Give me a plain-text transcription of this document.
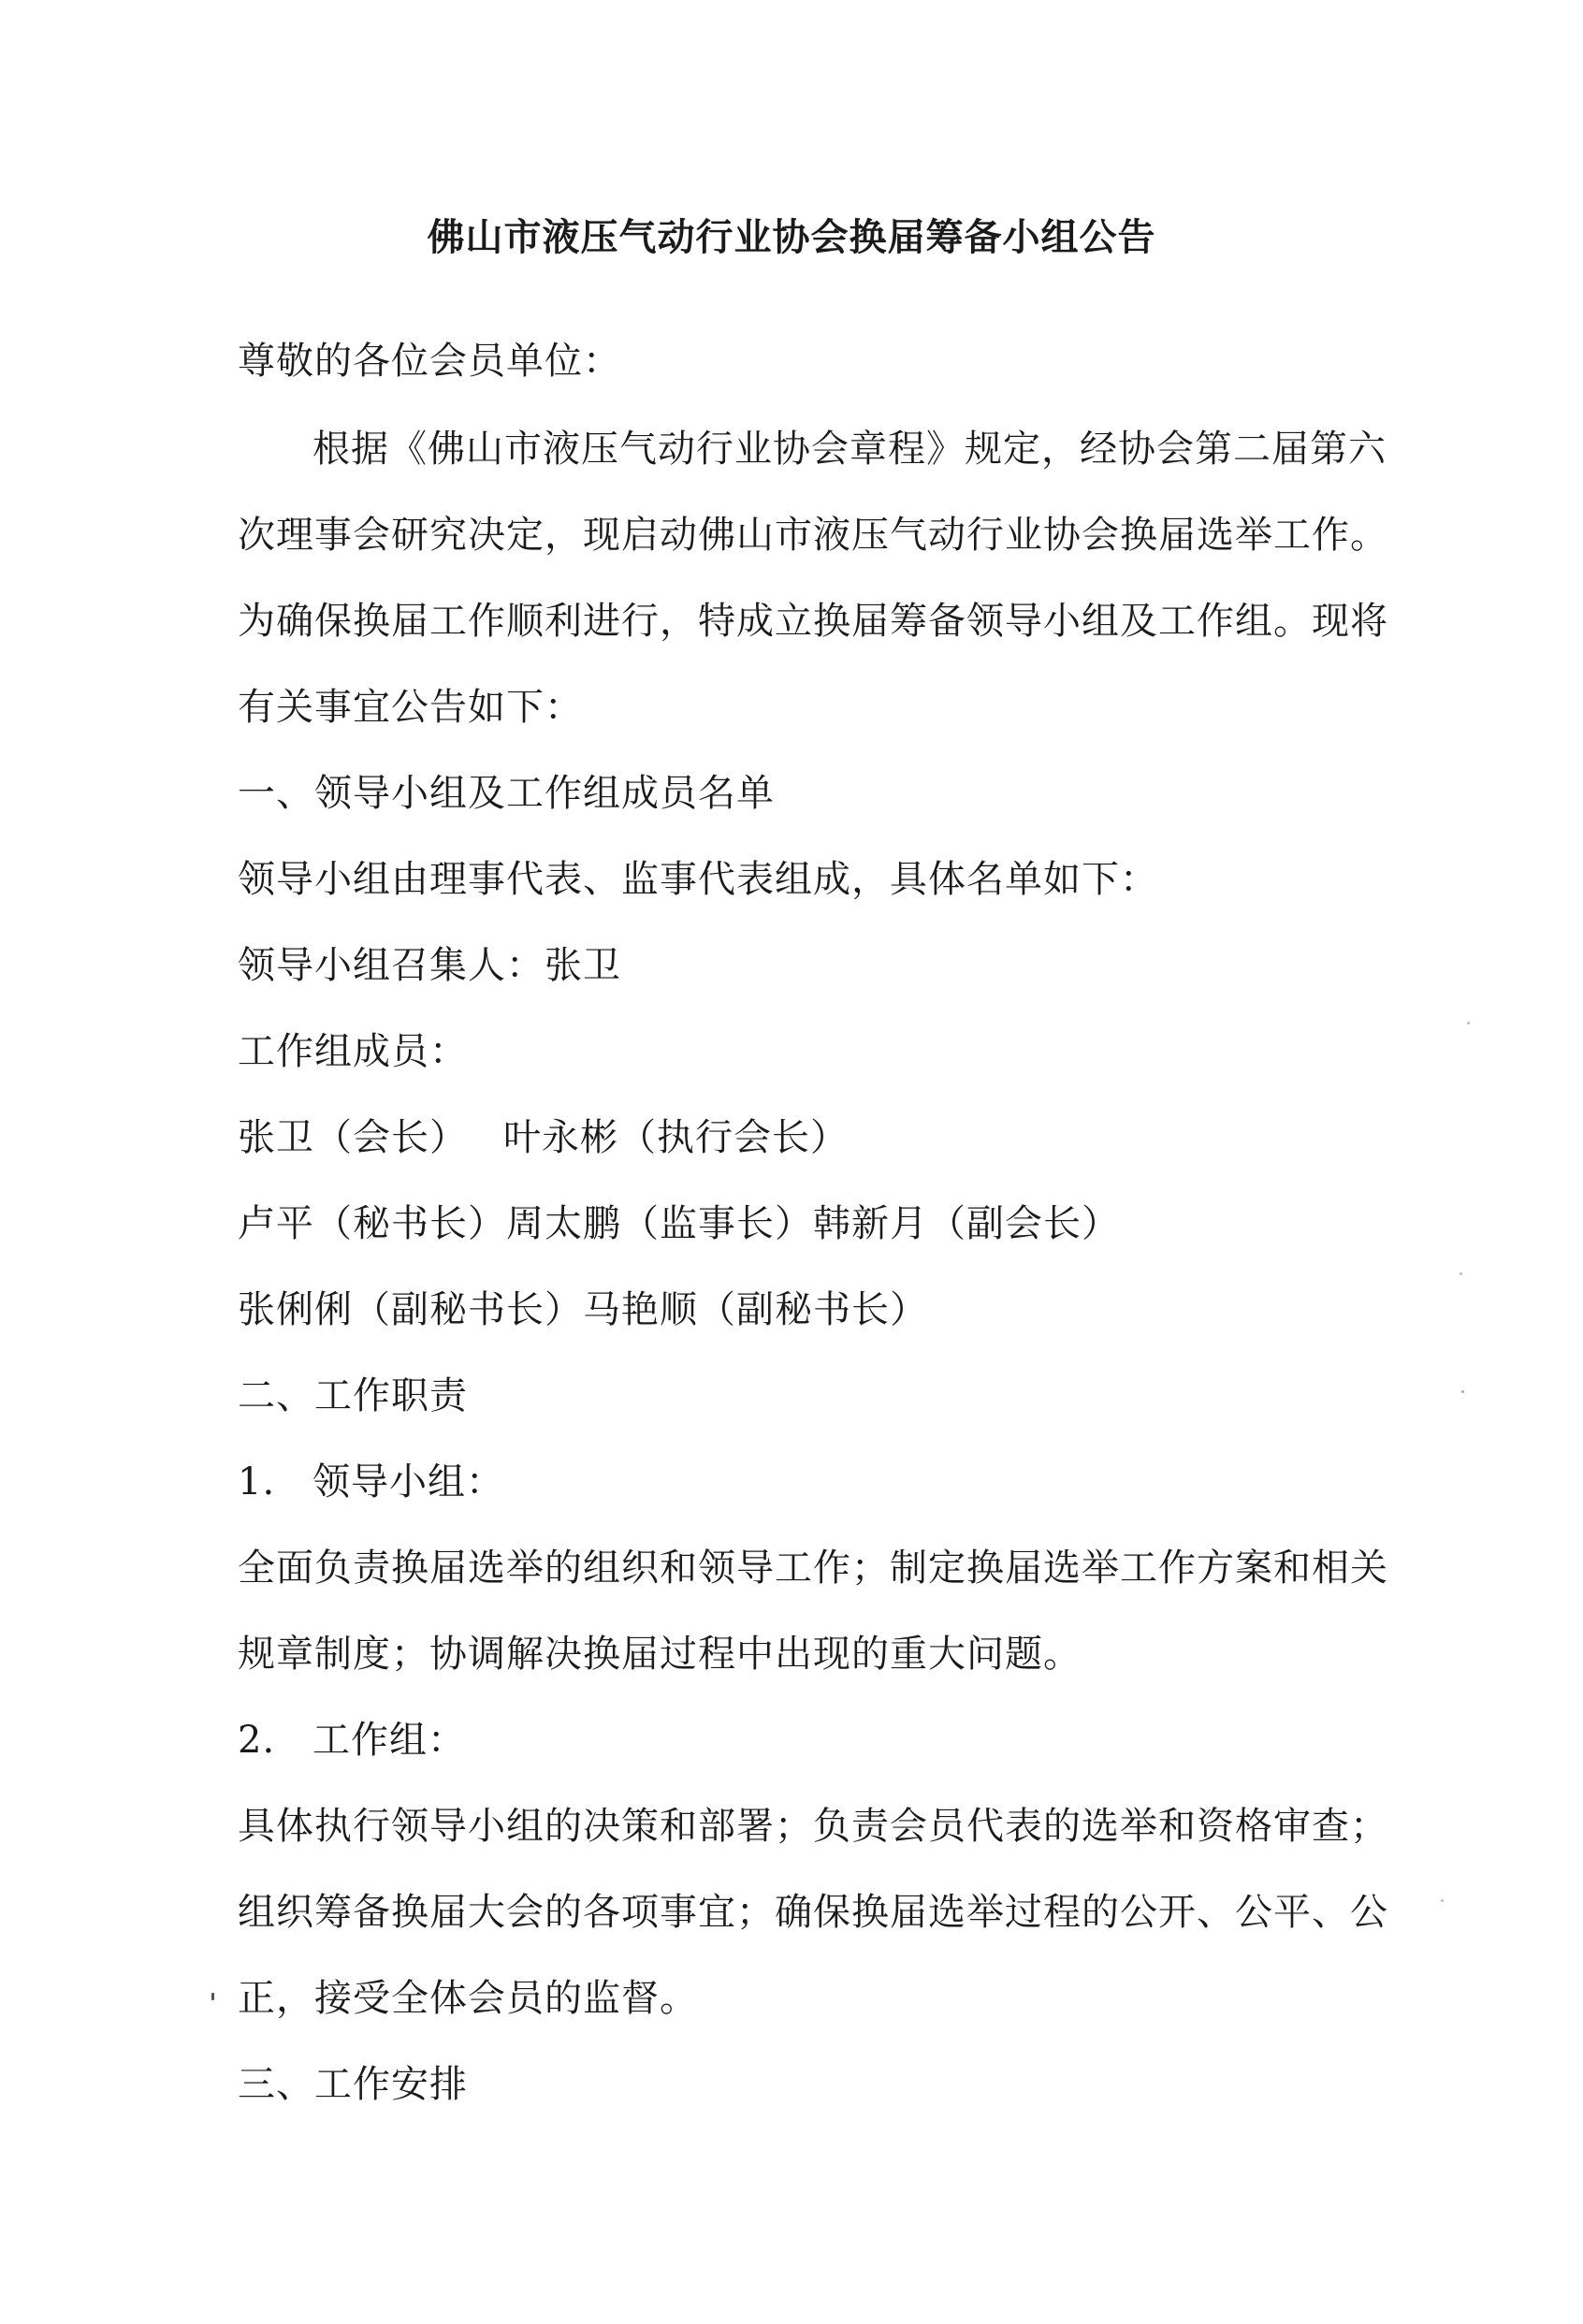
佛山市液压气动行业协会换届筹备小组公告
尊敬的各位会员单位：
根据《佛山市液压气动行业协会章程》规定，经协会第二届第六
次理事会研究决定，现启动佛山市液压气动行业协会换届选举工作。
为确保换届工作顺利进行，特成立换届筹备领导小组及工作组。现将
有关事宜公告如下：
一、领导小组及工作组成员名单
领导小组由理事代表、监事代表组成，具体名单如下：
领导小组召集人：张卫
工作组成员：
张卫（会长） 叶永彬（执行会长）
卢平（秘书长）周太鹏（监事长）韩新月（副会长）
张俐俐（副秘书长）马艳顺（副秘书长）
二、工作职责
1. 领导小组：
全面负责换届选举的组织和领导工作；制定换届选举工作方案和相关
规章制度；协调解决换届过程中出现的重大问题。
2. 工作组：
具体执行领导小组的决策和部署；负责会员代表的选举和资格审查；
组织筹备换届大会的各项事宜；确保换届选举过程的公开、公平、公
正，接受全体会员的监督。
三、工作安排
